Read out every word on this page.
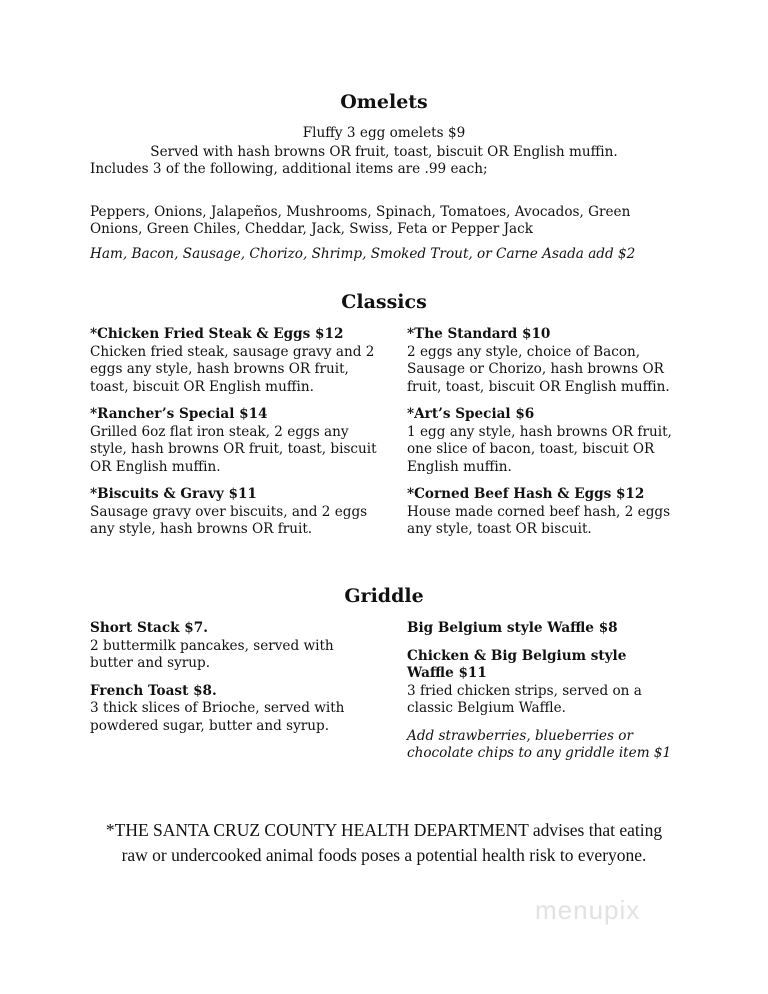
Omelets

Fluffy 3 egg omelets $9

Served with hash browns OR fruit, toast, biscuit OR English muffin.

Includes 3 of the following, additional items are .99 each;

Peppers, Onions, Jalapeños, Mushrooms, Spinach, Tomatoes, Avocados, Green

Onions, Green Chiles, Cheddar, Jack, Swiss, Feta or Pepper Jack

Ham, Bacon, Sausage, Chorizo, Shrimp, Smoked Trout, or Carne Asada add $2

Classics

*Chicken Fried Steak & Eggs $12

Chicken fried steak, sausage gravy and 2 eggs any style, hash browns OR fruit, toast, biscuit OR English muffin.

*Rancher’s Special $14

Grilled 6oz flat iron steak, 2 eggs any style, hash browns OR fruit, toast, biscuit OR English muffin.

*Biscuits & Gravy $11

Sausage gravy over biscuits, and 2 eggs any style, hash browns OR fruit.

*The Standard $10

2 eggs any style, choice of Bacon, Sausage or Chorizo, hash browns OR fruit, toast, biscuit OR English muffin.

*Art’s Special $6

1 egg any style, hash browns OR fruit, one slice of bacon, toast, biscuit OR English muffin.

*Corned Beef Hash & Eggs $12

House made corned beef hash, 2 eggs any style, toast OR biscuit.

Griddle

Short Stack $7.

2 buttermilk pancakes, served with butter and syrup.

French Toast $8.

3 thick slices of Brioche, served with powdered sugar, butter and syrup.

Big Belgium style Waffle $8

Chicken & Big Belgium style Waffle $11

3 fried chicken strips, served on a classic Belgium Waffle.

Add strawberries, blueberries or chocolate chips to any griddle item $1

*THE SANTA CRUZ COUNTY HEALTH DEPARTMENT advises that eating

raw or undercooked animal foods poses a potential health risk to everyone.

menupix
